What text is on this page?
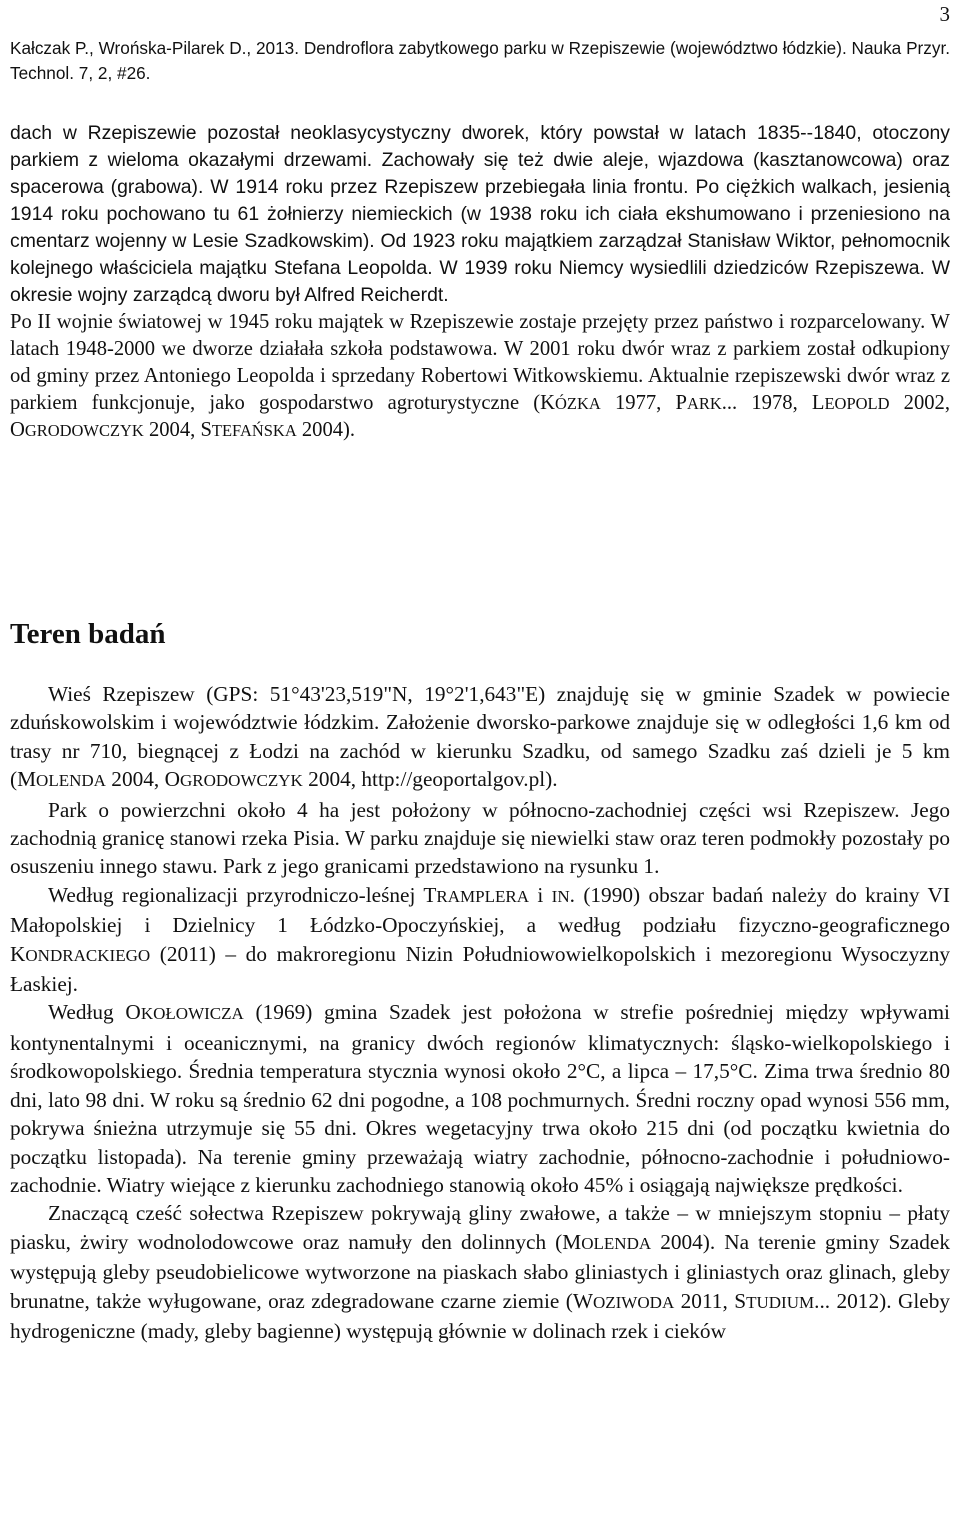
3
Kałczak P., Wrońska-Pilarek D., 2013. Dendroflora zabytkowego parku w Rzepiszewie (województwo łódzkie). Nauka Przyr. Technol. 7, 2, #26.
dach w Rzepiszewie pozostał neoklasycystyczny dworek, który powstał w latach 1835--1840, otoczony parkiem z wieloma okazałymi drzewami. Zachowały się też dwie aleje, wjazdowa (kasztanowcowa) oraz spacerowa (grabowa). W 1914 roku przez Rzepiszew przebiegała linia frontu. Po ciężkich walkach, jesienią 1914 roku pochowano tu 61 żołnierzy niemieckich (w 1938 roku ich ciała ekshumowano i przeniesiono na cmentarz wojenny w Lesie Szadkowskim). Od 1923 roku majątkiem zarządzał Stanisław Wiktor, pełnomocnik kolejnego właściciela majątku Stefana Leopolda. W 1939 roku Niemcy wysiedlili dziedziców Rzepiszewa. W okresie wojny zarządcą dworu był Alfred Reicherdt.
Po II wojnie światowej w 1945 roku majątek w Rzepiszewie zostaje przejęty przez państwo i rozparcelowany. W latach 1948-2000 we dworze działała szkoła podstawowa. W 2001 roku dwór wraz z parkiem został odkupiony od gminy przez Antoniego Leopolda i sprzedany Robertowi Witkowskiemu. Aktualnie rzepiszewski dwór wraz z parkiem funkcjonuje, jako gospodarstwo agroturystyczne (KÓZKA 1977, PARK... 1978, LEOPOLD 2002, OGRODOWCZYK 2004, STEFAŃSKA 2004).
Teren badań

Wieś Rzepiszew (GPS: 51°43'23,519"N, 19°2'1,643"E) znajduję się w gminie Szadek w powiecie zduńskowolskim i województwie łódzkim. Założenie dworsko-parkowe znajduje się w odległości 1,6 km od trasy nr 710, biegnącej z Łodzi na zachód w kierunku Szadku, od samego Szadku zaś dzieli je 5 km (MOLENDA 2004, OGRODOWCZYK 2004, http://geoportalgov.pl).

Park o powierzchni około 4 ha jest położony w północno-zachodniej części wsi Rzepiszew. Jego zachodnią granicę stanowi rzeka Pisia. W parku znajduje się niewielki staw oraz teren podmokły pozostały po osuszeniu innego stawu. Park z jego granicami przedstawiono na rysunku 1.

Według regionalizacji przyrodniczo-leśnej TRAMPLERA i IN. (1990) obszar badań należy do krainy VI Małopolskiej i Dzielnicy 1 Łódzko-Opoczyńskiej, a według podziału fizyczno-geograficznego KONDRACKIEGO (2011) – do makroregionu Nizin Południowowielkopolskich i mezoregionu Wysoczyzny Łaskiej.

Według OKOŁOWICZA (1969) gmina Szadek jest położona w strefie pośredniej między wpływami kontynentalnymi i oceanicznymi, na granicy dwóch regionów klimatycznych: śląsko-wielkopolskiego i środkowopolskiego. Średnia temperatura stycznia wynosi około 2°C, a lipca – 17,5°C. Zima trwa średnio 80 dni, lato 98 dni. W roku są średnio 62 dni pogodne, a 108 pochmurnych. Średni roczny opad wynosi 556 mm, pokrywa śnieżna utrzymuje się 55 dni. Okres wegetacyjny trwa około 215 dni (od początku kwietnia do początku listopada). Na terenie gminy przeważają wiatry zachodnie, północno-zachodnie i południowo-zachodnie. Wiatry wiejące z kierunku zachodniego stanowią około 45% i osiągają największe prędkości.

Znaczącą cześć sołectwa Rzepiszew pokrywają gliny zwałowe, a także – w mniejszym stopniu – płaty piasku, żwiry wodnolodowcowe oraz namuły den dolinnych (MOLENDA 2004). Na terenie gminy Szadek występują gleby pseudobielicowe wytworzone na piaskach słabo gliniastych i gliniastych oraz glinach, gleby brunatne, także wyługowane, oraz zdegradowane czarne ziemie (WOZIWODA 2011, STUDIUM... 2012). Gleby hydrogeniczne (mady, gleby bagienne) występują głównie w dolinach rzek i cieków
